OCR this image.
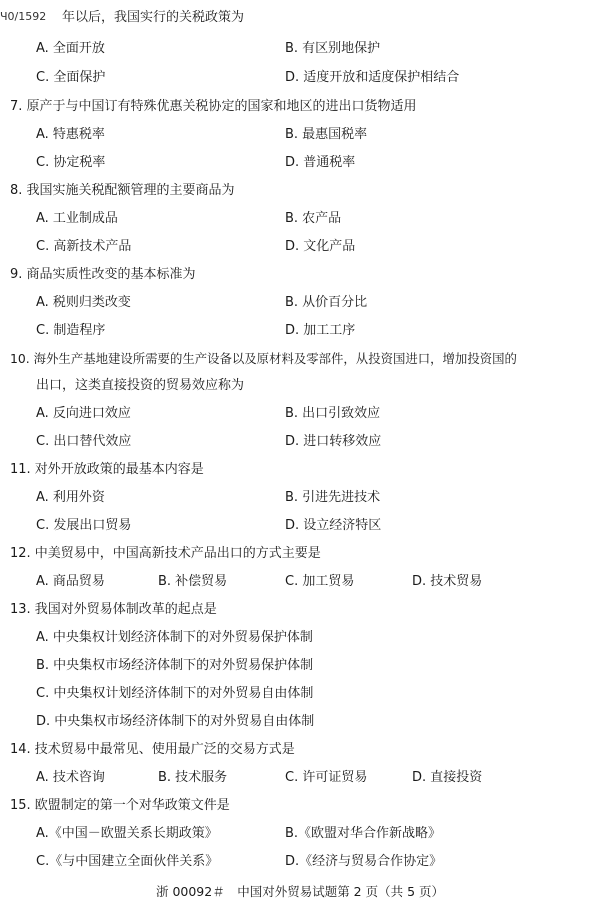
Ч0/1592 年以后，我国实行的关税政策为
A. 全面开放	B. 有区别地保护
C. 全面保护	D. 适度开放和适度保护相结合
7. 原产于与中国订有特殊优惠关税协定的国家和地区的进出口货物适用
A. 特惠税率	B. 最惠国税率
C. 协定税率	D. 普通税率
8. 我国实施关税配额管理的主要商品为
A. 工业制成品	B. 农产品
C. 高新技术产品	D. 文化产品
9. 商品实质性改变的基本标准为
A. 税则归类改变	B. 从价百分比
C. 制造程序	D. 加工工序
10. 海外生产基地建设所需要的生产设备以及原材料及零部件，从投资国进口，增加投资国的
出口，这类直接投资的贸易效应称为
A. 反向进口效应	B. 出口引致效应
C. 出口替代效应	D. 进口转移效应
11. 对外开放政策的最基本内容是
A. 利用外资	B. 引进先进技术
C. 发展出口贸易	D. 设立经济特区
12. 中美贸易中，中国高新技术产品出口的方式主要是
A. 商品贸易	B. 补偿贸易	C. 加工贸易	D. 技术贸易
13. 我国对外贸易体制改革的起点是
A. 中央集权计划经济体制下的对外贸易保护体制
B. 中央集权市场经济体制下的对外贸易保护体制
C. 中央集权计划经济体制下的对外贸易自由体制
D. 中央集权市场经济体制下的对外贸易自由体制
14. 技术贸易中最常见、使用最广泛的交易方式是
A. 技术咨询	B. 技术服务	C. 许可证贸易	D. 直接投资
15. 欧盟制定的第一个对华政策文件是
A.《中国－欧盟关系长期政策》	B.《欧盟对华合作新战略》
C.《与中国建立全面伙伴关系》	D.《经济与贸易合作协定》
浙 00092＃　中国对外贸易试题第 2 页（共 5 页）
